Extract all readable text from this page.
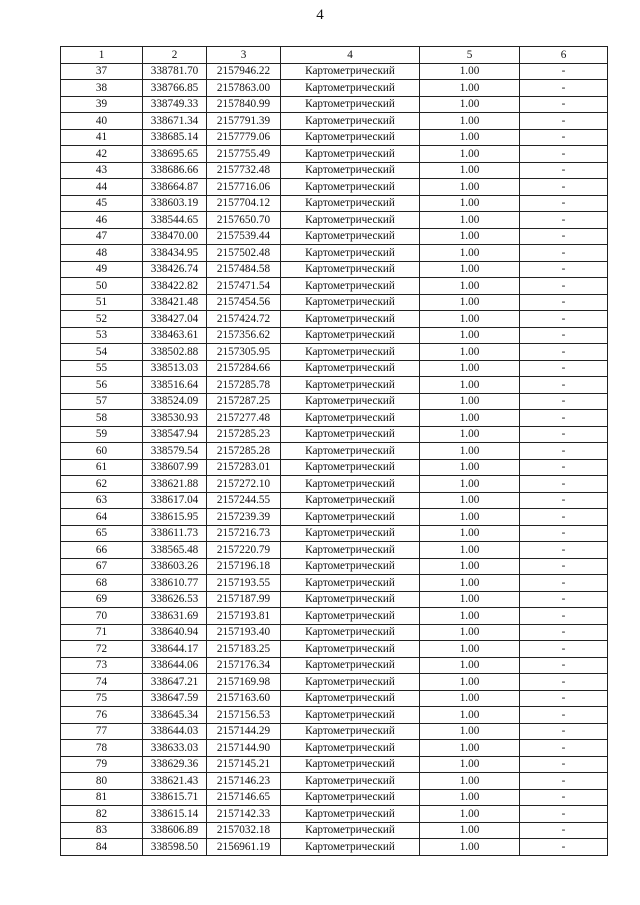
4
1	2	3	4	5	6
37	338781.70	2157946.22	Картометрический	1.00	-
38	338766.85	2157863.00	Картометрический	1.00	-
39	338749.33	2157840.99	Картометрический	1.00	-
40	338671.34	2157791.39	Картометрический	1.00	-
41	338685.14	2157779.06	Картометрический	1.00	-
42	338695.65	2157755.49	Картометрический	1.00	-
43	338686.66	2157732.48	Картометрический	1.00	-
44	338664.87	2157716.06	Картометрический	1.00	-
45	338603.19	2157704.12	Картометрический	1.00	-
46	338544.65	2157650.70	Картометрический	1.00	-
47	338470.00	2157539.44	Картометрический	1.00	-
48	338434.95	2157502.48	Картометрический	1.00	-
49	338426.74	2157484.58	Картометрический	1.00	-
50	338422.82	2157471.54	Картометрический	1.00	-
51	338421.48	2157454.56	Картометрический	1.00	-
52	338427.04	2157424.72	Картометрический	1.00	-
53	338463.61	2157356.62	Картометрический	1.00	-
54	338502.88	2157305.95	Картометрический	1.00	-
55	338513.03	2157284.66	Картометрический	1.00	-
56	338516.64	2157285.78	Картометрический	1.00	-
57	338524.09	2157287.25	Картометрический	1.00	-
58	338530.93	2157277.48	Картометрический	1.00	-
59	338547.94	2157285.23	Картометрический	1.00	-
60	338579.54	2157285.28	Картометрический	1.00	-
61	338607.99	2157283.01	Картометрический	1.00	-
62	338621.88	2157272.10	Картометрический	1.00	-
63	338617.04	2157244.55	Картометрический	1.00	-
64	338615.95	2157239.39	Картометрический	1.00	-
65	338611.73	2157216.73	Картометрический	1.00	-
66	338565.48	2157220.79	Картометрический	1.00	-
67	338603.26	2157196.18	Картометрический	1.00	-
68	338610.77	2157193.55	Картометрический	1.00	-
69	338626.53	2157187.99	Картометрический	1.00	-
70	338631.69	2157193.81	Картометрический	1.00	-
71	338640.94	2157193.40	Картометрический	1.00	-
72	338644.17	2157183.25	Картометрический	1.00	-
73	338644.06	2157176.34	Картометрический	1.00	-
74	338647.21	2157169.98	Картометрический	1.00	-
75	338647.59	2157163.60	Картометрический	1.00	-
76	338645.34	2157156.53	Картометрический	1.00	-
77	338644.03	2157144.29	Картометрический	1.00	-
78	338633.03	2157144.90	Картометрический	1.00	-
79	338629.36	2157145.21	Картометрический	1.00	-
80	338621.43	2157146.23	Картометрический	1.00	-
81	338615.71	2157146.65	Картометрический	1.00	-
82	338615.14	2157142.33	Картометрический	1.00	-
83	338606.89	2157032.18	Картометрический	1.00	-
84	338598.50	2156961.19	Картометрический	1.00	-
